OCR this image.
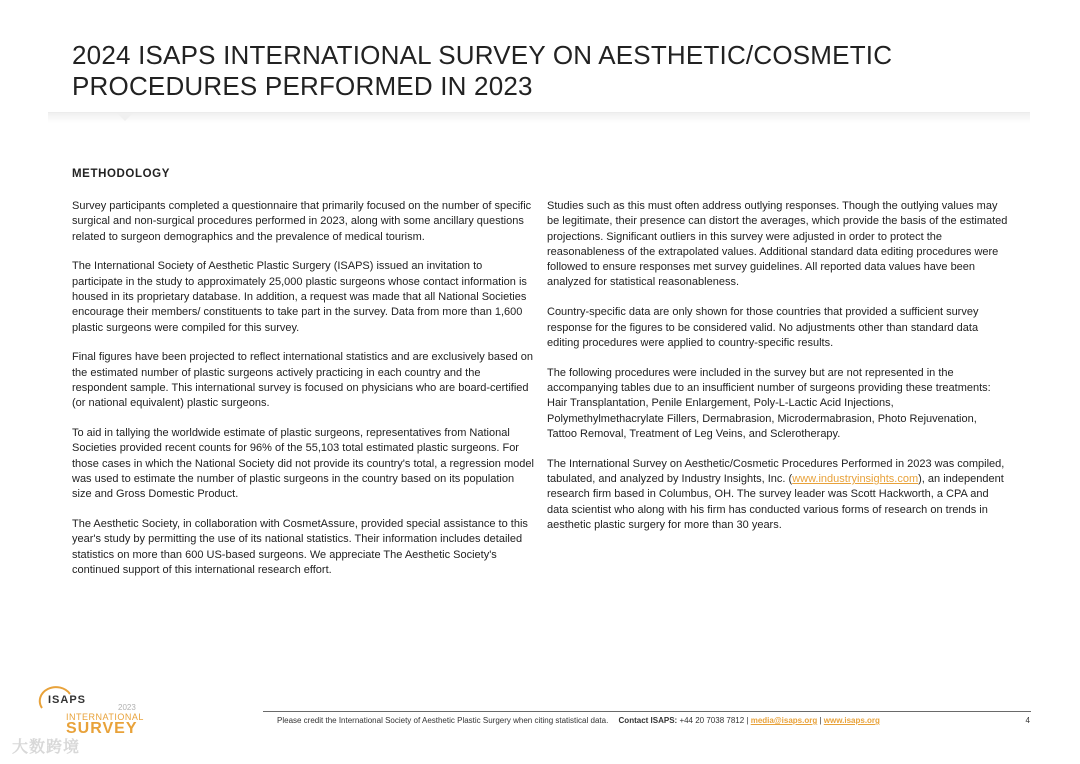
2024 ISAPS INTERNATIONAL SURVEY ON AESTHETIC/COSMETIC PROCEDURES PERFORMED IN 2023
METHODOLOGY

Survey participants completed a questionnaire that primarily focused on the number of specific surgical and non-surgical procedures performed in 2023, along with some ancillary questions related to surgeon demographics and the prevalence of medical tourism.

The International Society of Aesthetic Plastic Surgery (ISAPS) issued an invitation to participate in the study to approximately 25,000 plastic surgeons whose contact information is housed in its proprietary database. In addition, a request was made that all National Societies encourage their members/ constituents to take part in the survey. Data from more than 1,600 plastic surgeons were compiled for this survey.

Final figures have been projected to reflect international statistics and are exclusively based on the estimated number of plastic surgeons actively practicing in each country and the respondent sample. This international survey is focused on physicians who are board-certified (or national equivalent) plastic surgeons.

To aid in tallying the worldwide estimate of plastic surgeons, representatives from National Societies provided recent counts for 96% of the 55,103 total estimated plastic surgeons. For those cases in which the National Society did not provide its country's total, a regression model was used to estimate the number of plastic surgeons in the country based on its population size and Gross Domestic Product.

The Aesthetic Society, in collaboration with CosmetAssure, provided special assistance to this year's study by permitting the use of its national statistics. Their information includes detailed statistics on more than 600 US-based surgeons. We appreciate The Aesthetic Society's continued support of this international research effort.

Studies such as this must often address outlying responses. Though the outlying values may be legitimate, their presence can distort the averages, which provide the basis of the estimated projections. Significant outliers in this survey were adjusted in order to protect the reasonableness of the extrapolated values. Additional standard data editing procedures were followed to ensure responses met survey guidelines. All reported data values have been analyzed for statistical reasonableness.

Country-specific data are only shown for those countries that provided a sufficient survey response for the figures to be considered valid. No adjustments other than standard data editing procedures were applied to country-specific results.

The following procedures were included in the survey but are not represented in the accompanying tables due to an insufficient number of surgeons providing these treatments: Hair Transplantation, Penile Enlargement, Poly-L-Lactic Acid Injections, Polymethylmethacrylate Fillers, Dermabrasion, Microdermabrasion, Photo Rejuvenation, Tattoo Removal, Treatment of Leg Veins, and Sclerotherapy.

The International Survey on Aesthetic/Cosmetic Procedures Performed in 2023 was compiled, tabulated, and analyzed by Industry Insights, Inc. (www.industryinsights.com), an independent research firm based in Columbus, OH. The survey leader was Scott Hackworth, a CPA and data scientist who along with his firm has conducted various forms of research on trends in aesthetic plastic surgery for more than 30 years.

ISAPS
2023
INTERNATIONAL
SURVEY	Please credit the International Society of Aesthetic Plastic Surgery when citing statistical data. Contact ISAPS: +44 20 7038 7812 | media@isaps.org | www.isaps.org	4
大数跨境
